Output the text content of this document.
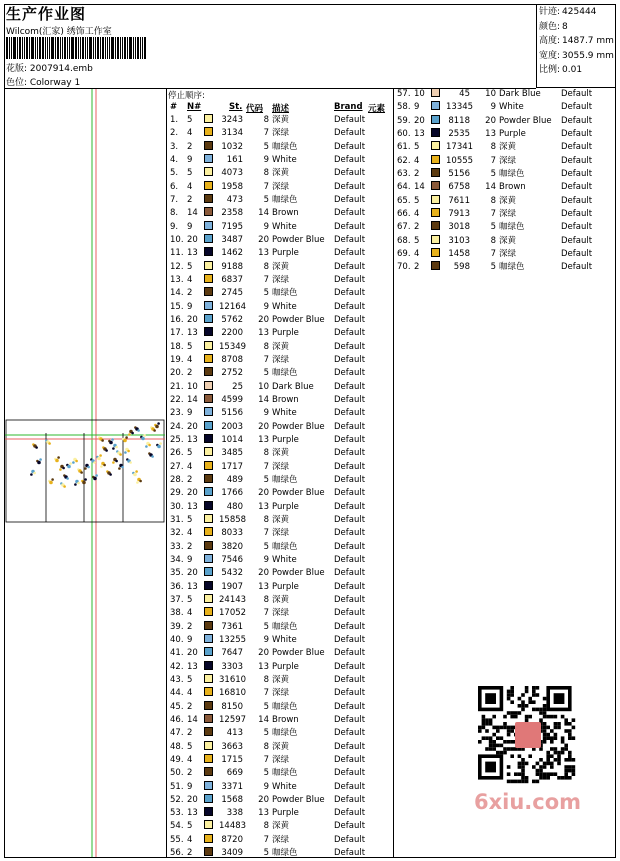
生产作业图
Wilcom(汇家) 绣饰工作室
花版: 2007914.emb
色位: Colorway 1
针迹: 425444
颜色: 8
高度: 1487.7 mm
宽度: 3055.9 mm
比例: 0.01
停止顺序:
# N#	St. 代码 描述	Brand 元素
1. 5	3243	8 深黄	Default
2. 4	3134	7 深绿	Default
3. 2	1032	5 咖绿色	Default
4. 9	161	9 White	Default
5. 5	4073	8 深黄	Default
6. 4	1958	7 深绿	Default
7. 2	473	5 咖绿色	Default
8. 14	2358	14 Brown	Default
9. 9	7195	9 White	Default
10. 20	3487	20 Powder Blue Default
11. 13	1462	13 Purple	Default
12. 5	9188	8 深黄	Default
13. 4	6837	7 深绿	Default
14. 2	2745	5 咖绿色	Default
15. 9	12164	9 White	Default
16. 20	5762	20 Powder Blue Default
17. 13	2200	13 Purple	Default
18. 5	15349	8 深黄	Default
19. 4	8708	7 深绿	Default
20. 2	2752	5 咖绿色	Default
21. 10	25	10 Dark Blue Default
22. 14	4599	14 Brown	Default
23. 9	5156	9 White	Default
24. 20	2003	20 Powder Blue Default
25. 13	1014	13 Purple	Default
26. 5	3485	8 深黄	Default
27. 4	1717	7 深绿	Default
28. 2	489	5 咖绿色	Default
29. 20	1766	20 Powder Blue Default
30. 13	480	13 Purple	Default
31. 5	15858	8 深黄	Default
32. 4	8033	7 深绿	Default
33. 2	3820	5 咖绿色	Default
34. 9	7546	9 White	Default
35. 20	5432	20 Powder Blue Default
36. 13	1907	13 Purple	Default
37. 5	24143	8 深黄	Default
38. 4	17052	7 深绿	Default
39. 2	7361	5 咖绿色	Default
40. 9	13255	9 White	Default
41. 20	7647	20 Powder Blue Default
42. 13	3303	13 Purple	Default
43. 5	31610	8 深黄	Default
44. 4	16810	7 深绿	Default
45. 2	8150	5 咖绿色	Default
46. 14 12597	14 Brown	Default
47. 2	413	5 咖绿色	Default
48. 5	3663	8 深黄	Default
49. 4	1715	7 深绿	Default
50. 2	669	5 咖绿色	Default
51. 9	3371	9 White	Default
52. 20	1568	20 Powder Blue Default
53. 13	338	13 Purple	Default
54. 5	14483	8 深黄	Default
55. 4	8720	7 深绿	Default
56. 2	3409	5 咖绿色	Default
57. 10	45	10 Dark Blue Default
58. 9	13345	9 White	Default
59. 20	8118	20 Powder Blue Default
60. 13	2535	13 Purple	Default
61. 5	17341	8 深黄	Default
62. 4	10555	7 深绿	Default
63. 2	5156	5 咖绿色	Default
64. 14	6758	14 Brown	Default
65. 5	7611	8 深黄	Default
66. 4	7913	7 深绿	Default
67. 2	3018	5 咖绿色	Default
68. 5	3103	8 深黄	Default
69. 4	1458	7 深绿	Default
70. 2	598	5 咖绿色	Default
6xiu.com
